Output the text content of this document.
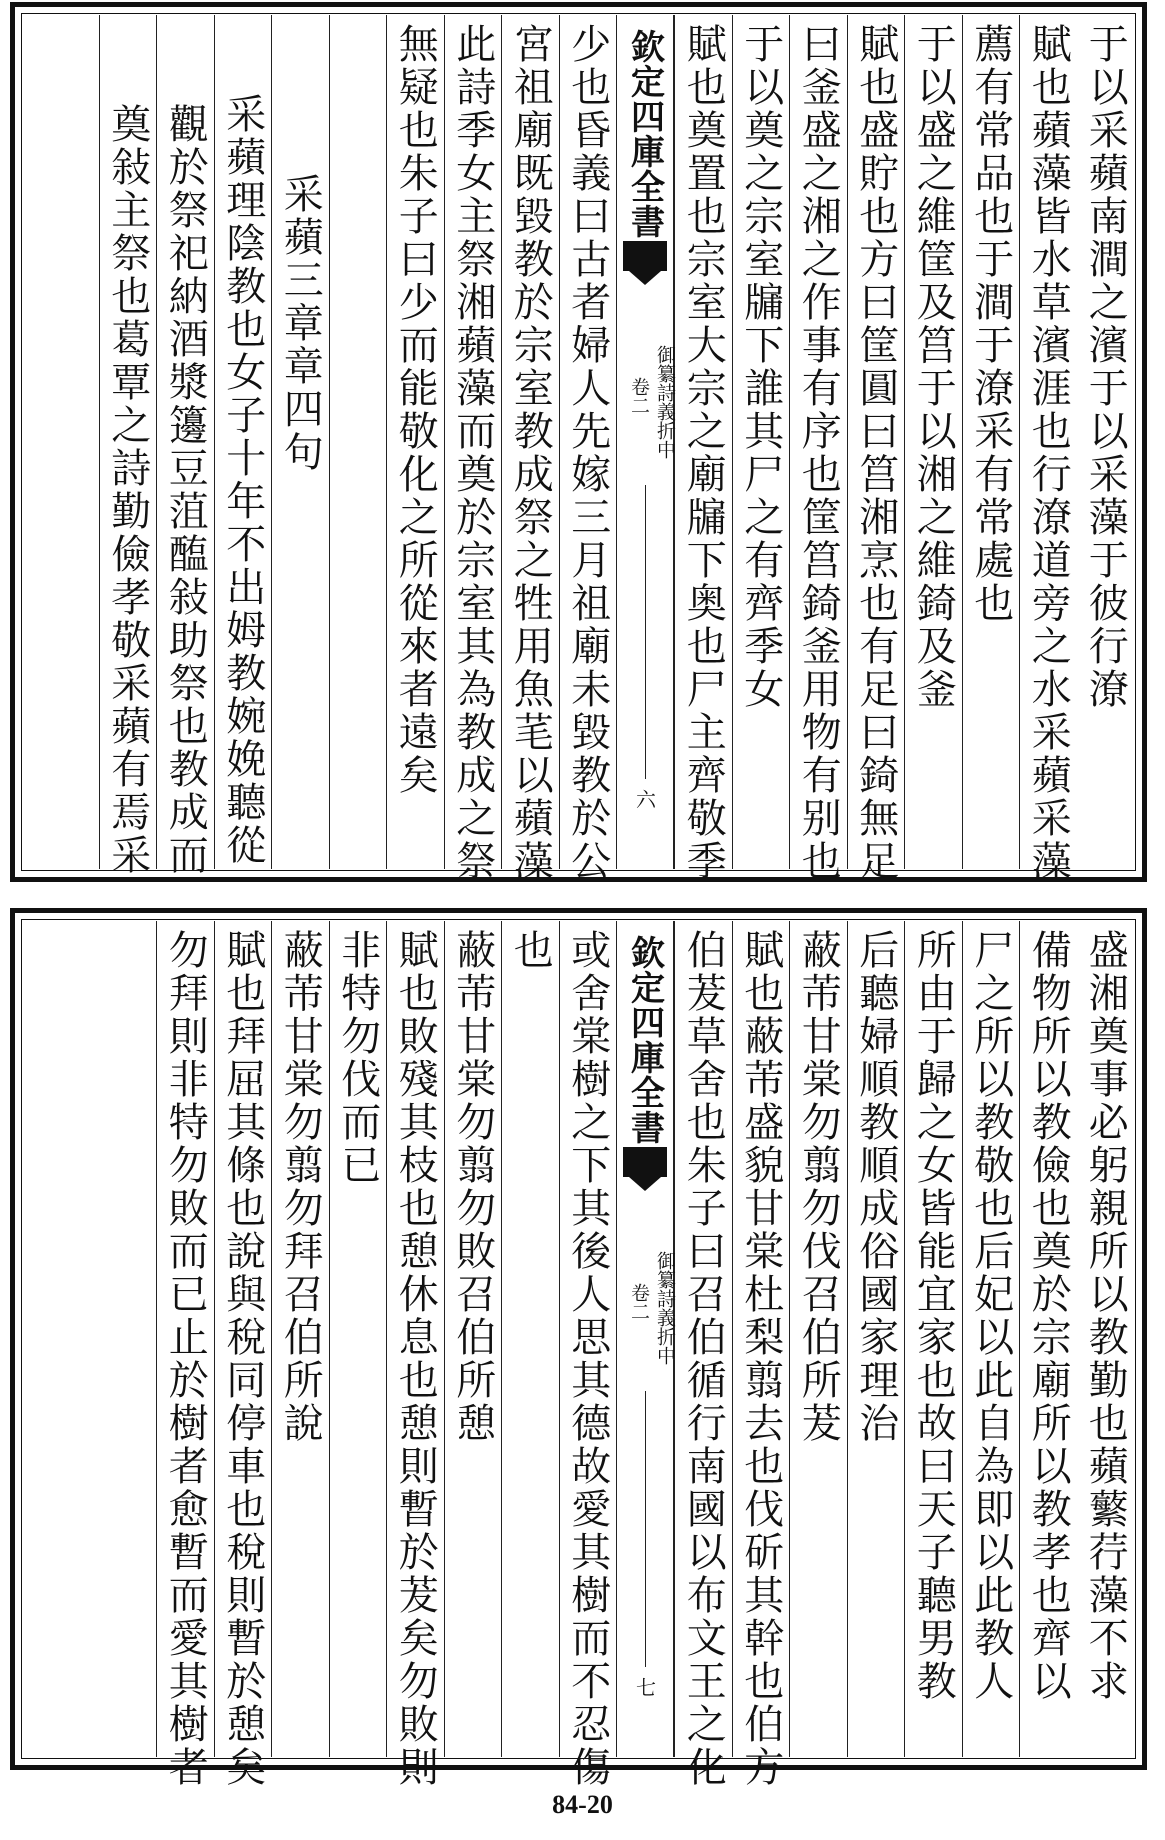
于以采蘋南澗之濱于以采藻于彼行潦
賦也蘋藻皆水草濱涯也行潦道旁之水采蘋采藻
薦有常品也于澗于潦采有常處也
于以盛之維筐及筥于以湘之維錡及釜
賦也盛貯也方曰筐圓曰筥湘烹也有足曰錡無足
曰釜盛之湘之作事有序也筐筥錡釜用物有别也
于以奠之宗室牖下誰其尸之有齊季女
賦也奠置也宗室大宗之廟牖下奥也尸主齊敬季
欽定四庫全書
御纂詩義折中
卷二
六
少也昏義曰古者婦人先嫁三月祖廟未毀教於公
宮祖廟既毀教於宗室教成祭之牲用魚芼以蘋藻
此詩季女主祭湘蘋藻而奠於宗室其為教成之祭
無疑也朱子曰少而能敬化之所從來者遠矣
采蘋三章章四句
采蘋理陰教也女子十年不出姆教婉娩聽從
觀於祭祀納酒漿籩豆菹醢敍助祭也教成而
奠敍主祭也葛覃之詩勤儉孝敬采蘋有焉采
盛湘奠事必躬親所以教勤也蘋蘩荇藻不求
備物所以教儉也奠於宗廟所以教孝也齊以
尸之所以教敬也后妃以此自為即以此教人
所由于歸之女皆能宜家也故曰天子聽男教
后聽婦順教順成俗國家理治
蔽芾甘棠勿翦勿伐召伯所茇
賦也蔽芾盛貌甘棠杜梨翦去也伐斫其幹也伯方
伯茇草舍也朱子曰召伯循行南國以布文王之化
欽定四庫全書
御纂詩義折中
卷二
七
或舍棠樹之下其後人思其德故愛其樹而不忍傷
也
蔽芾甘棠勿翦勿敗召伯所憩
賦也敗殘其枝也憩休息也憩則暫於茇矣勿敗則
非特勿伐而已
蔽芾甘棠勿翦勿拜召伯所說
賦也拜屈其條也說與稅同停車也稅則暫於憩矣
勿拜則非特勿敗而已止於樹者愈暫而愛其樹者
84-20
